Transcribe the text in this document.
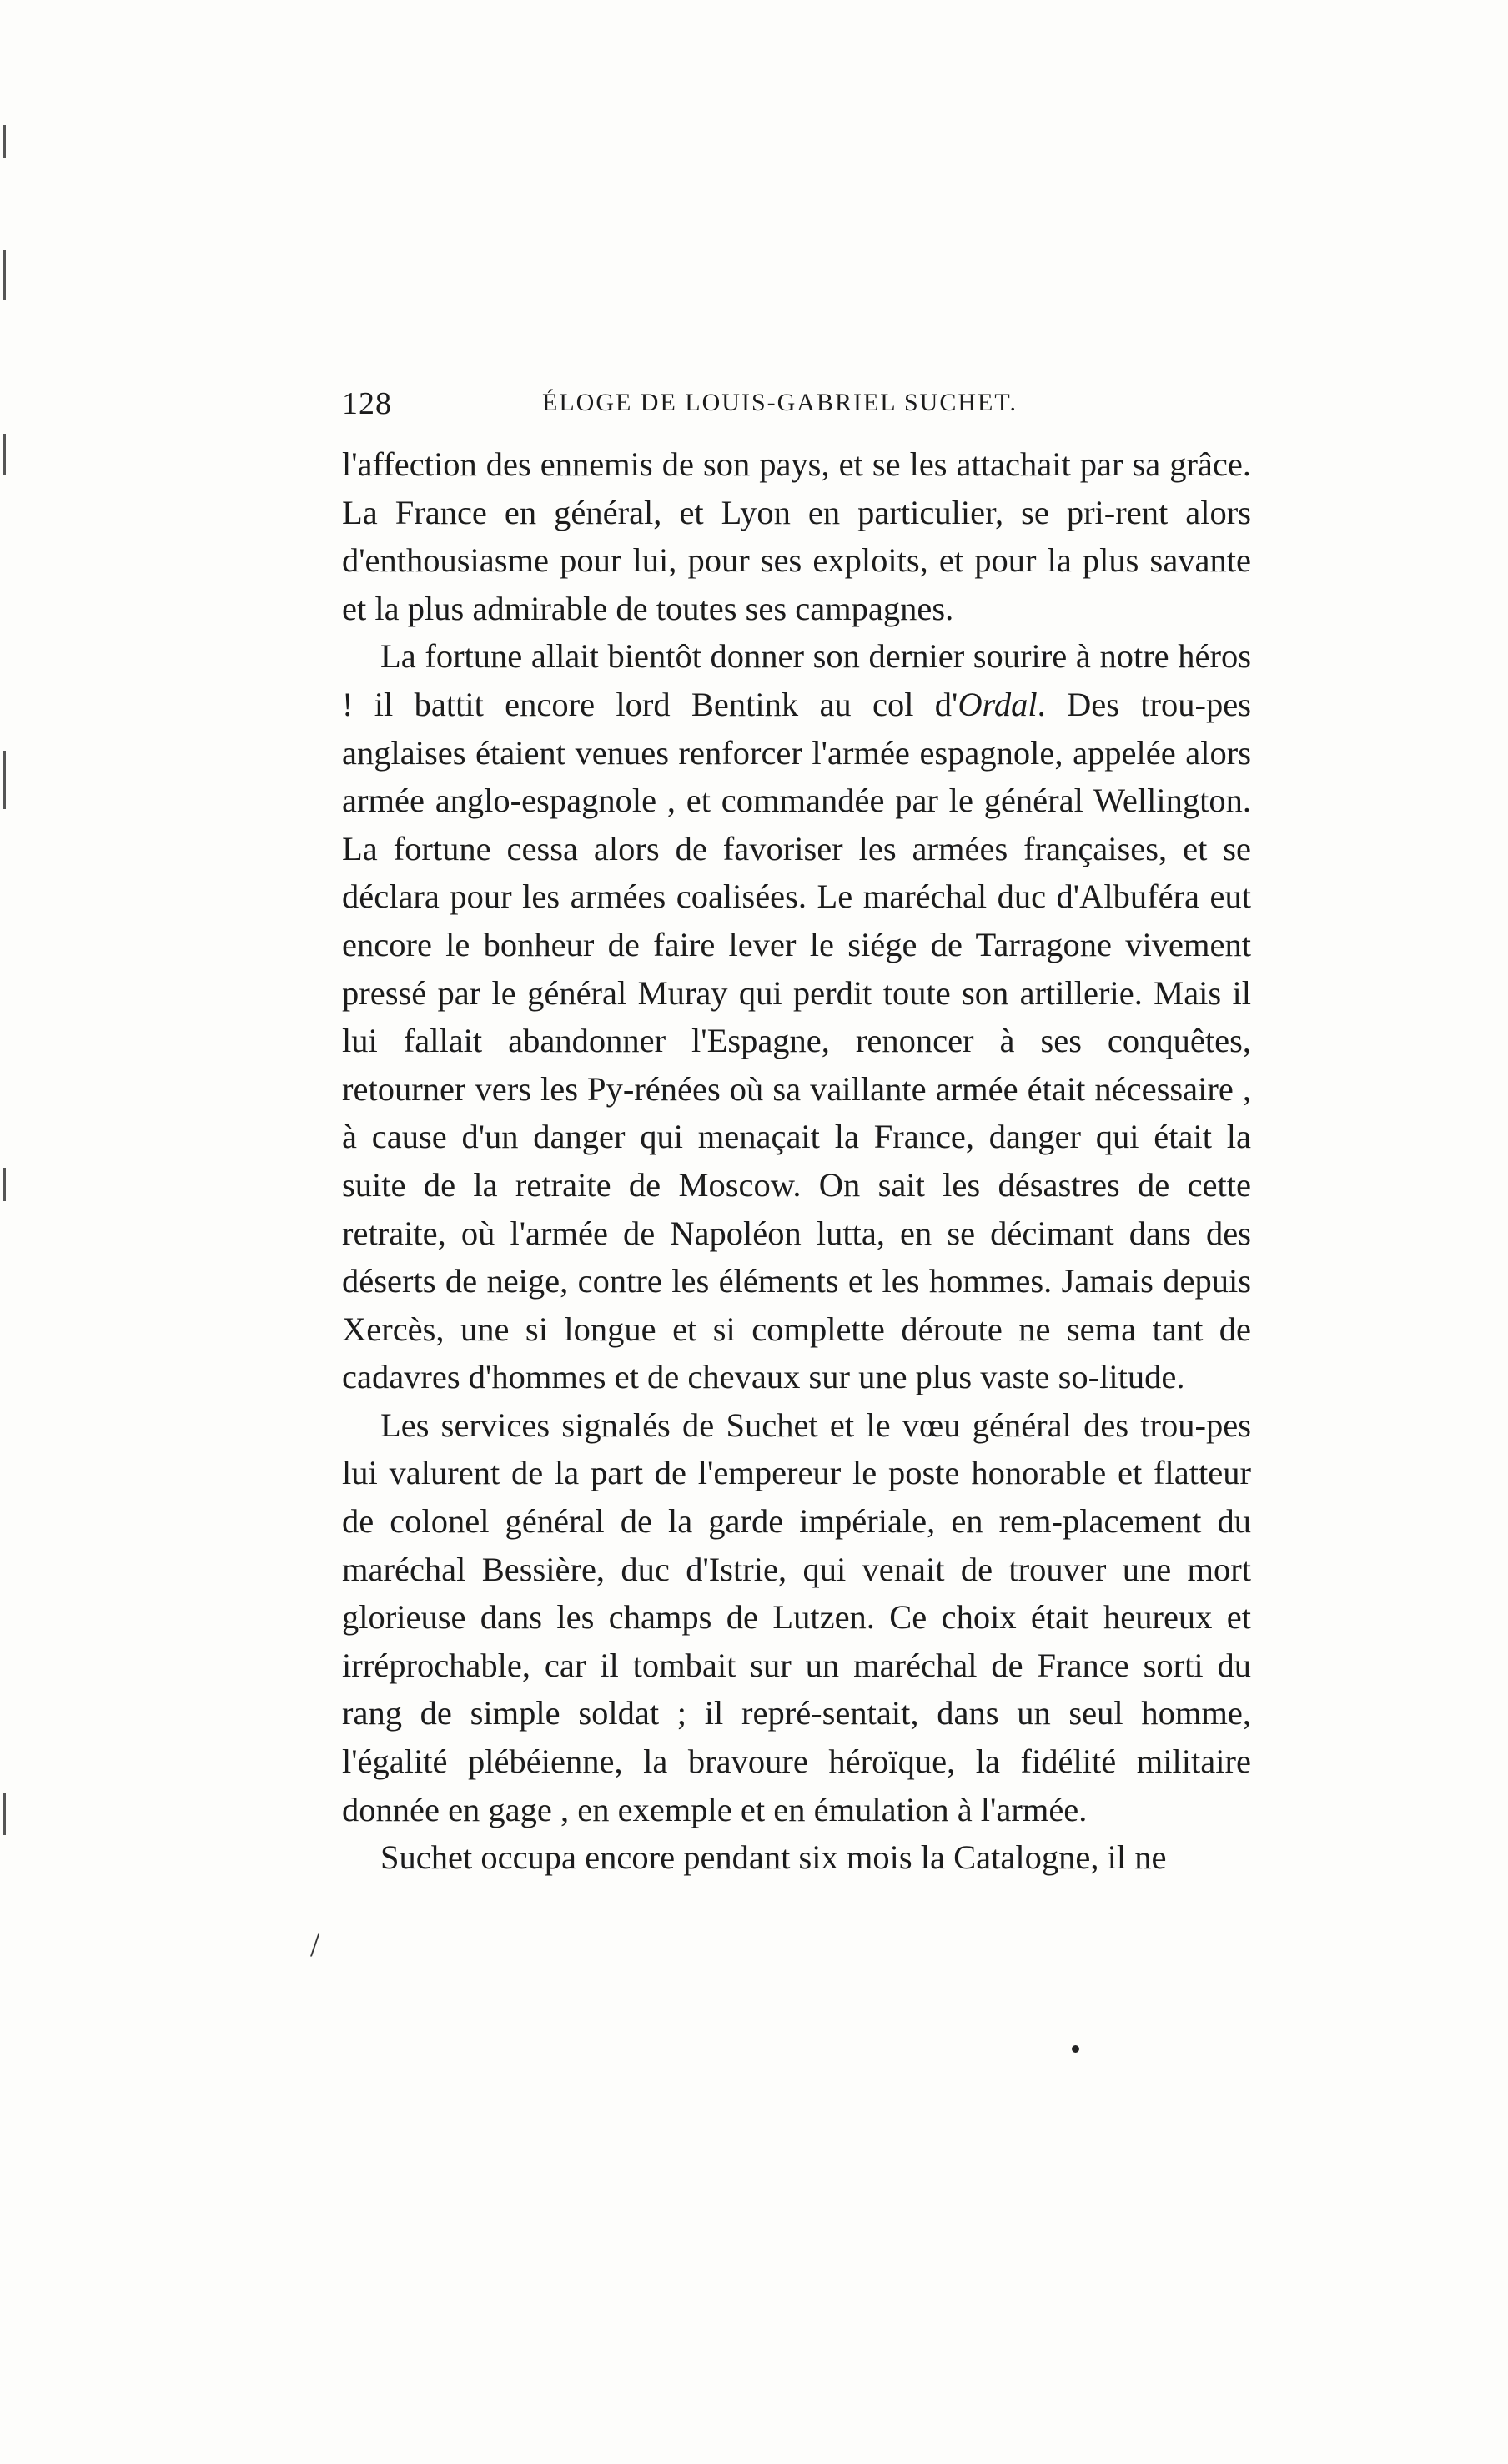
/
128	ÉLOGE DE LOUIS-GABRIEL SUCHET.

l'affection des ennemis de son pays, et se les attachait par sa grâce. La France en général, et Lyon en particulier, se pri-rent alors d'enthousiasme pour lui, pour ses exploits, et pour la plus savante et la plus admirable de toutes ses campagnes.

La fortune allait bientôt donner son dernier sourire à notre héros ! il battit encore lord Bentink au col d'Ordal. Des trou-pes anglaises étaient venues renforcer l'armée espagnole, appelée alors armée anglo-espagnole , et commandée par le général Wellington. La fortune cessa alors de favoriser les armées françaises, et se déclara pour les armées coalisées. Le maréchal duc d'Albuféra eut encore le bonheur de faire lever le siége de Tarragone vivement pressé par le général Muray qui perdit toute son artillerie. Mais il lui fallait abandonner l'Espagne, renoncer à ses conquêtes, retourner vers les Py-rénées où sa vaillante armée était nécessaire , à cause d'un danger qui menaçait la France, danger qui était la suite de la retraite de Moscow. On sait les désastres de cette retraite, où l'armée de Napoléon lutta, en se décimant dans des déserts de neige, contre les éléments et les hommes. Jamais depuis Xercès, une si longue et si complette déroute ne sema tant de cadavres d'hommes et de chevaux sur une plus vaste so-litude.

Les services signalés de Suchet et le vœu général des trou-pes lui valurent de la part de l'empereur le poste honorable et flatteur de colonel général de la garde impériale, en rem-placement du maréchal Bessière, duc d'Istrie, qui venait de trouver une mort glorieuse dans les champs de Lutzen. Ce choix était heureux et irréprochable, car il tombait sur un maréchal de France sorti du rang de simple soldat ; il repré-sentait, dans un seul homme, l'égalité plébéienne, la bravoure héroïque, la fidélité militaire donnée en gage , en exemple et en émulation à l'armée.

Suchet occupa encore pendant six mois la Catalogne, il ne
